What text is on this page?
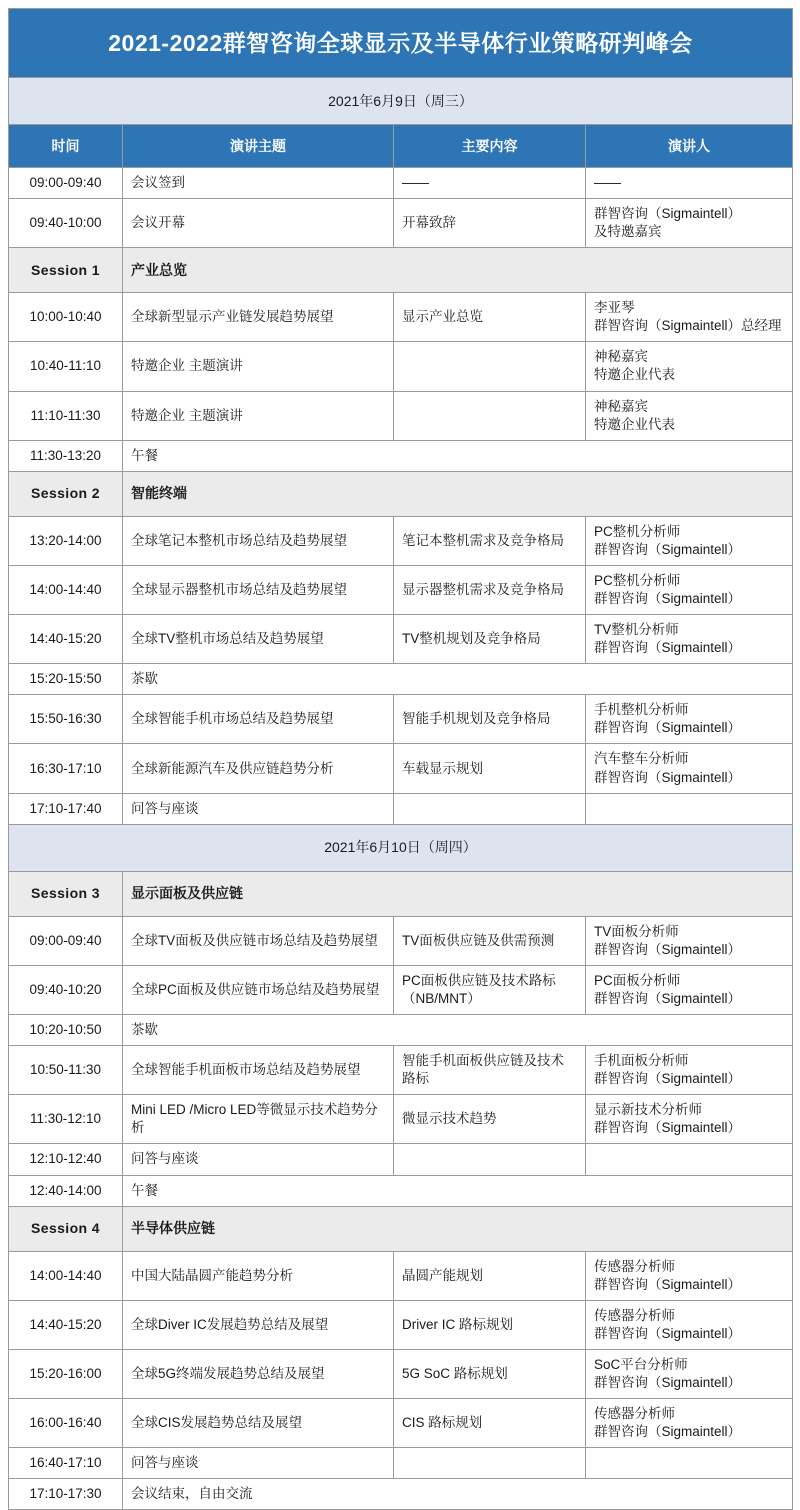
2021-2022群智咨询全球显示及半导体行业策略研判峰会			
2021年6月9日（周三）			
时间	演讲主题	主要内容	演讲人
09:00-09:40	会议签到	——	——
09:40-10:00	会议开幕	开幕致辞	群智咨询（Sigmaintell）
及特邀嘉宾

Session 1	产业总览		
10:00-10:40	全球新型显示产业链发展趋势展望	显示产业总览	李亚琴
群智咨询（Sigmaintell）总经理

10:40-11:10	特邀企业 主题演讲		神秘嘉宾
特邀企业代表

11:10-11:30	特邀企业 主题演讲		神秘嘉宾
特邀企业代表

11:30-13:20	午餐		
Session 2	智能终端		
13:20-14:00	全球笔记本整机市场总结及趋势展望	笔记本整机需求及竞争格局	PC整机分析师
群智咨询（Sigmaintell）

14:00-14:40	全球显示器整机市场总结及趋势展望	显示器整机需求及竞争格局	PC整机分析师
群智咨询（Sigmaintell）

14:40-15:20	全球TV整机市场总结及趋势展望	TV整机规划及竞争格局	TV整机分析师
群智咨询（Sigmaintell）

15:20-15:50	茶歇		
15:50-16:30	全球智能手机市场总结及趋势展望	智能手机规划及竞争格局	手机整机分析师
群智咨询（Sigmaintell）

16:30-17:10	全球新能源汽车及供应链趋势分析	车载显示规划	汽车整车分析师
群智咨询（Sigmaintell）

17:10-17:40	问答与座谈		
2021年6月10日（周四）			
Session 3	显示面板及供应链		
09:00-09:40	全球TV面板及供应链市场总结及趋势展望	TV面板供应链及供需预测	TV面板分析师
群智咨询（Sigmaintell）

09:40-10:20	全球PC面板及供应链市场总结及趋势展望	PC面板供应链及技术路标（NB/MNT）	PC面板分析师
群智咨询（Sigmaintell）

10:20-10:50	茶歇		
10:50-11:30	全球智能手机面板市场总结及趋势展望	智能手机面板供应链及技术路标	手机面板分析师
群智咨询（Sigmaintell）

11:30-12:10	Mini LED /Micro LED等微显示技术趋势分析	微显示技术趋势	显示新技术分析师
群智咨询（Sigmaintell）

12:10-12:40	问答与座谈		
12:40-14:00	午餐		
Session 4	半导体供应链		
14:00-14:40	中国大陆晶圆产能趋势分析	晶圆产能规划	传感器分析师
群智咨询（Sigmaintell）

14:40-15:20	全球Diver IC发展趋势总结及展望	Driver IC 路标规划	传感器分析师
群智咨询（Sigmaintell）

15:20-16:00	全球5G终端发展趋势总结及展望	5G SoC 路标规划	SoC平台分析师
群智咨询（Sigmaintell）

16:00-16:40	全球CIS发展趋势总结及展望	CIS 路标规划	传感器分析师
群智咨询（Sigmaintell）

16:40-17:10	问答与座谈		
17:10-17:30	会议结束，自由交流		
